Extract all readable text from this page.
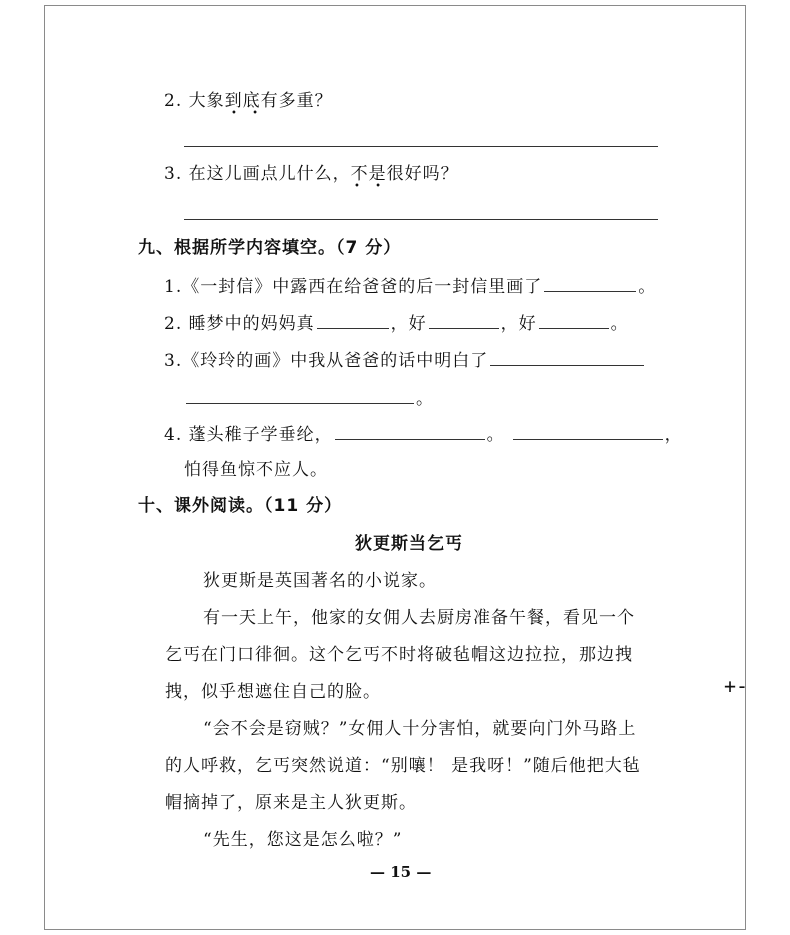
2. 大象到底有多重？
• •
3. 在这儿画点儿什么，不是很好吗？
• •
九、根据所学内容填空。（7 分）
1.《一封信》中露西在给爸爸的后一封信里画了	。
2. 睡梦中的妈妈真	，好	，好	。
3.《玲玲的画》中我从爸爸的话中明白了
。
4. 蓬头稚子学垂纶，	。	，
怕得鱼惊不应人。
十、课外阅读。（11 分）
狄更斯当乞丐
狄更斯是英国著名的小说家。
有一天上午，他家的女佣人去厨房准备午餐，看见一个
乞丐在门口徘徊。这个乞丐不时将破毡帽这边拉拉，那边拽
拽，似乎想遮住自己的脸。
“会不会是窃贼？”女佣人十分害怕，就要向门外马路上
的人呼救，乞丐突然说道：“别嚷！ 是我呀！”随后他把大毡
帽摘掉了，原来是主人狄更斯。
“先生，您这是怎么啦？”
— 15 —
+-
